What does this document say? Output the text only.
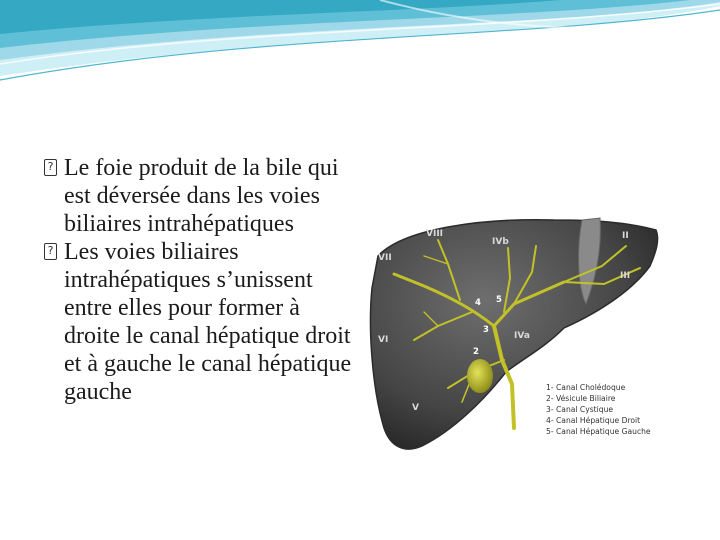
? Le foie produit de la bile qui est déversée dans les voies biliaires intrahépatiques

? Les voies biliaires intrahépatiques s’unissent entre elles pour former à droite le canal hépatique droit et à gauche le canal hépatique gauche

VIII
IVb
II
VII
III
VI	IVa
V
4 5
3
2
1
1- Canal Cholédoque
2- Vésicule Biliaire
3- Canal Cystique
4- Canal Hépatique Droit
5- Canal Hépatique Gauche
